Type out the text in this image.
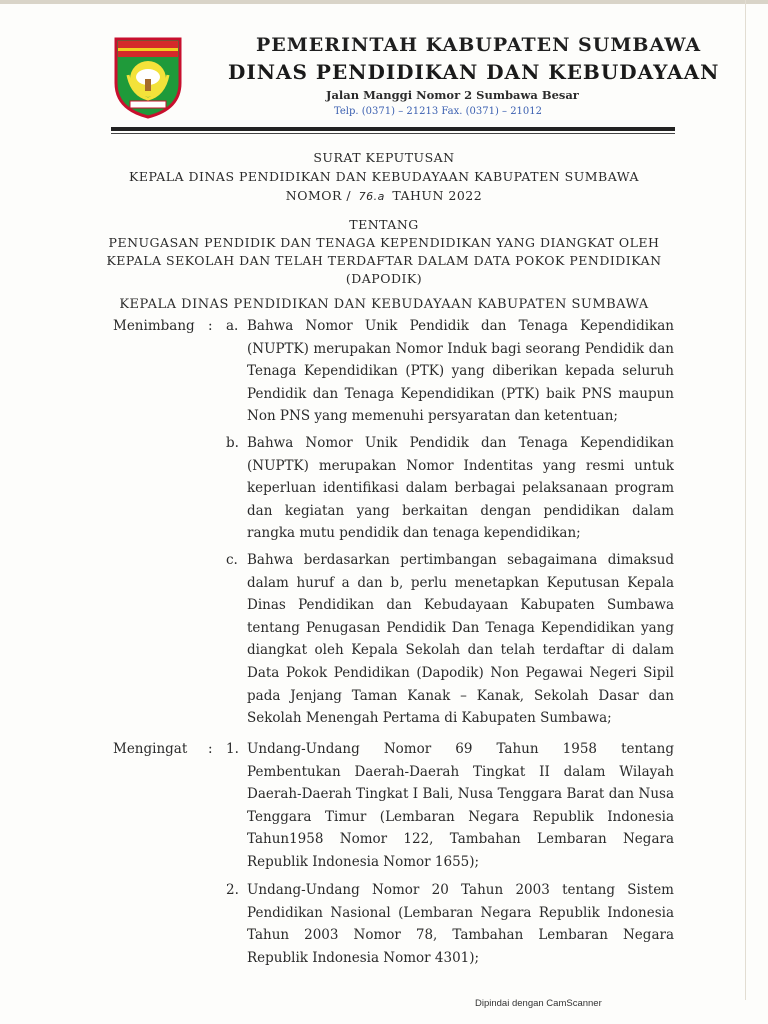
PEMERINTAH KABUPATEN SUMBAWA
DINAS PENDIDIKAN DAN KEBUDAYAAN
Jalan Manggi Nomor 2 Sumbawa Besar
Telp. (0371) – 21213 Fax. (0371) – 21012
SURAT KEPUTUSAN
KEPALA DINAS PENDIDIKAN DAN KEBUDAYAAN KABUPATEN SUMBAWA
NOMOR / 76.a TAHUN 2022
TENTANG
PENUGASAN PENDIDIK DAN TENAGA KEPENDIDIKAN YANG DIANGKAT OLEH
KEPALA SEKOLAH DAN TELAH TERDAFTAR DALAM DATA POKOK PENDIDIKAN
(DAPODIK)
KEPALA DINAS PENDIDIKAN DAN KEBUDAYAAN KABUPATEN SUMBAWA
Menimbang : a. Bahwa Nomor Unik Pendidik dan Tenaga Kependidikan
(NUPTK) merupakan Nomor Induk bagi seorang Pendidik dan
Tenaga Kependidikan (PTK) yang diberikan kepada seluruh
Pendidik dan Tenaga Kependidikan (PTK) baik PNS maupun
Non PNS yang memenuhi persyaratan dan ketentuan;
b. Bahwa Nomor Unik Pendidik dan Tenaga Kependidikan
(NUPTK) merupakan Nomor Indentitas yang resmi untuk
keperluan identifikasi dalam berbagai pelaksanaan program
dan kegiatan yang berkaitan dengan pendidikan dalam
rangka mutu pendidik dan tenaga kependidikan;
c. Bahwa berdasarkan pertimbangan sebagaimana dimaksud
dalam huruf a dan b, perlu menetapkan Keputusan Kepala
Dinas Pendidikan dan Kebudayaan Kabupaten Sumbawa
tentang Penugasan Pendidik Dan Tenaga Kependidikan yang
diangkat oleh Kepala Sekolah dan telah terdaftar di dalam
Data Pokok Pendidikan (Dapodik) Non Pegawai Negeri Sipil
pada Jenjang Taman Kanak – Kanak, Sekolah Dasar dan
Sekolah Menengah Pertama di Kabupaten Sumbawa;
Mengingat : 1. Undang-Undang Nomor 69 Tahun 1958 tentang
Pembentukan Daerah-Daerah Tingkat II dalam Wilayah
Daerah-Daerah Tingkat I Bali, Nusa Tenggara Barat dan Nusa
Tenggara Timur (Lembaran Negara Republik Indonesia
Tahun1958 Nomor 122, Tambahan Lembaran Negara
Republik Indonesia Nomor 1655);
2. Undang-Undang Nomor 20 Tahun 2003 tentang Sistem
Pendidikan Nasional (Lembaran Negara Republik Indonesia
Tahun 2003 Nomor 78, Tambahan Lembaran Negara
Republik Indonesia Nomor 4301);
Dipindai dengan CamScanner
